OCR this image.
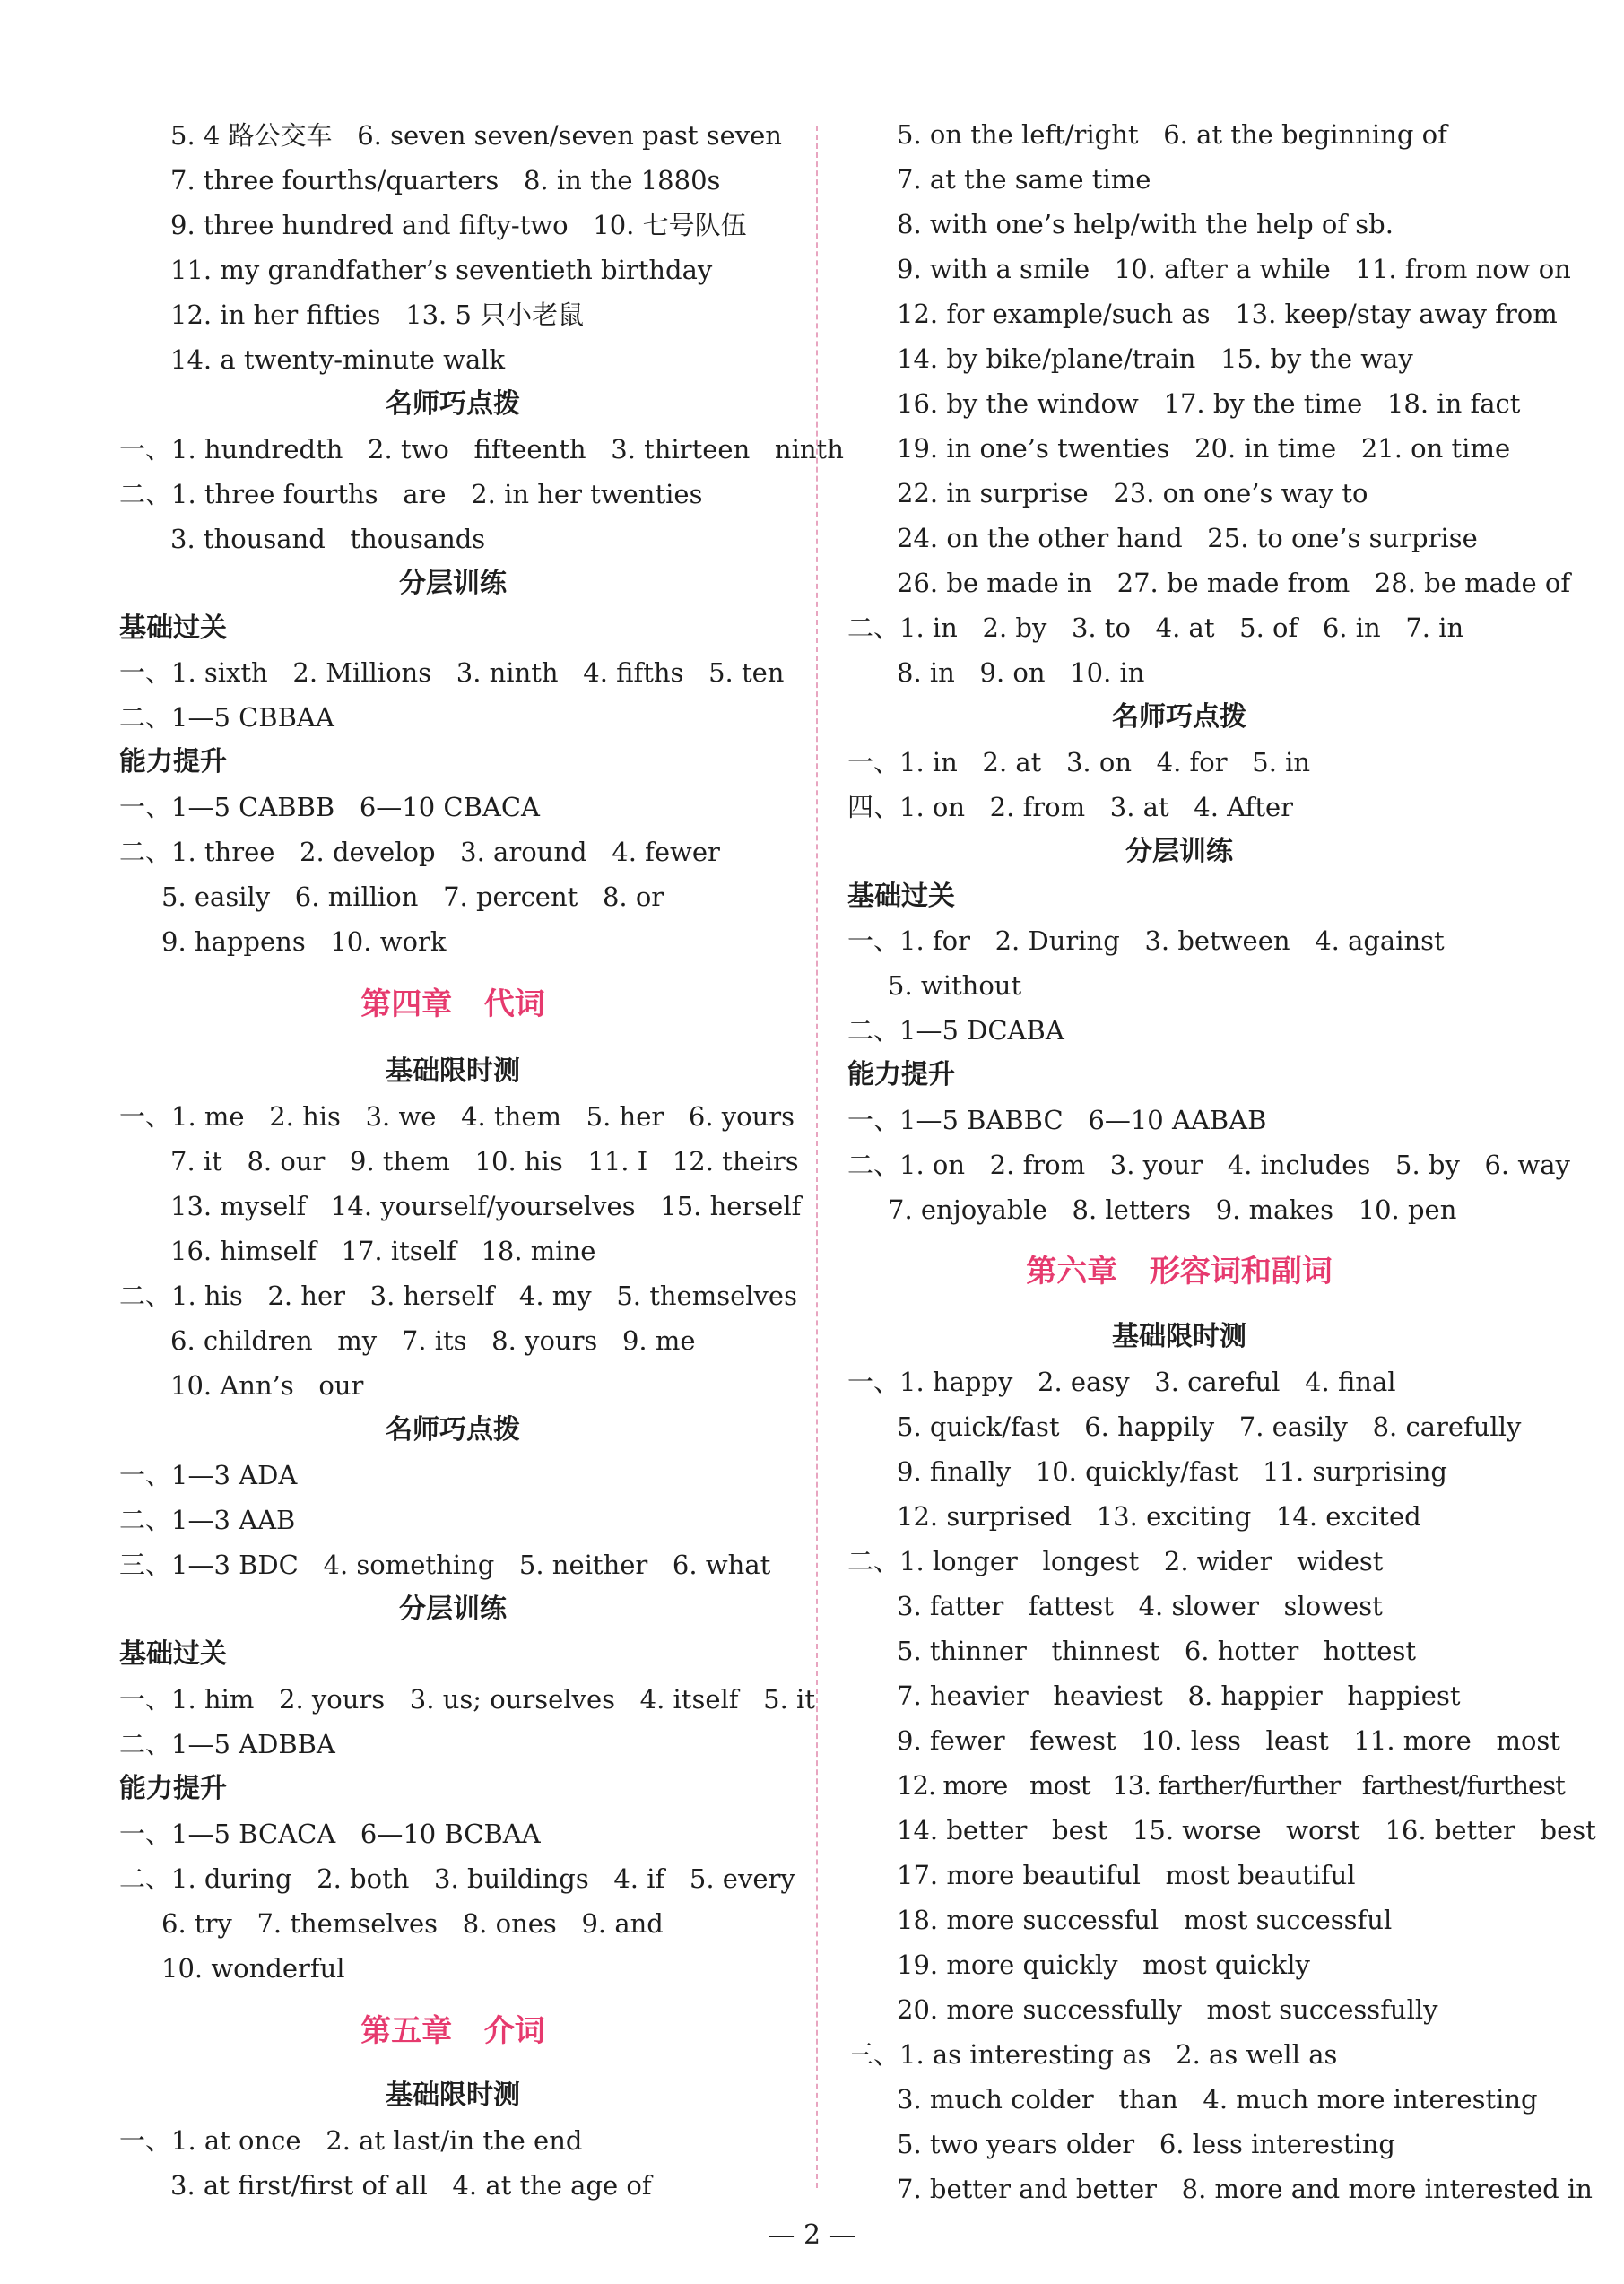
5. 4 路公交车   6. seven seven/seven past seven
7. three fourths/quarters   8. in the 1880s
9. three hundred and fifty-two   10. 七号队伍
11. my grandfather’s seventieth birthday
12. in her fifties   13. 5 只小老鼠
14. a twenty-minute walk
名师巧点拨
一、1. hundredth   2. two   fifteenth   3. thirteen   ninth
二、1. three fourths   are   2. in her twenties
3. thousand   thousands
分层训练
基础过关
一、1. sixth   2. Millions   3. ninth   4. fifths   5. ten
二、1—5 CBBAA
能力提升
一、1—5 CABBB   6—10 CBACA
二、1. three   2. develop   3. around   4. fewer
5. easily   6. million   7. percent   8. or
9. happens   10. work
第四章   代词
基础限时测
一、1. me   2. his   3. we   4. them   5. her   6. yours
7. it   8. our   9. them   10. his   11. I   12. theirs
13. myself   14. yourself/yourselves   15. herself
16. himself   17. itself   18. mine
二、1. his   2. her   3. herself   4. my   5. themselves
6. children   my   7. its   8. yours   9. me
10. Ann’s   our
名师巧点拨
一、1—3 ADA
二、1—3 AAB
三、1—3 BDC   4. something   5. neither   6. what
分层训练
基础过关
一、1. him   2. yours   3. us; ourselves   4. itself   5. it
二、1—5 ADBBA
能力提升
一、1—5 BCACA   6—10 BCBAA
二、1. during   2. both   3. buildings   4. if   5. every
6. try   7. themselves   8. ones   9. and
10. wonderful
第五章   介词
基础限时测
一、1. at once   2. at last/in the end
3. at first/first of all   4. at the age of
5. on the left/right   6. at the beginning of
7. at the same time
8. with one’s help/with the help of sb.
9. with a smile   10. after a while   11. from now on
12. for example/such as   13. keep/stay away from
14. by bike/plane/train   15. by the way
16. by the window   17. by the time   18. in fact
19. in one’s twenties   20. in time   21. on time
22. in surprise   23. on one’s way to
24. on the other hand   25. to one’s surprise
26. be made in   27. be made from   28. be made of
二、1. in   2. by   3. to   4. at   5. of   6. in   7. in
8. in   9. on   10. in
名师巧点拨
一、1. in   2. at   3. on   4. for   5. in
四、1. on   2. from   3. at   4. After
分层训练
基础过关
一、1. for   2. During   3. between   4. against
5. without
二、1—5 DCABA
能力提升
一、1—5 BABBC   6—10 AABAB
二、1. on   2. from   3. your   4. includes   5. by   6. way
7. enjoyable   8. letters   9. makes   10. pen
第六章   形容词和副词
基础限时测
一、1. happy   2. easy   3. careful   4. final
5. quick/fast   6. happily   7. easily   8. carefully
9. finally   10. quickly/fast   11. surprising
12. surprised   13. exciting   14. excited
二、1. longer   longest   2. wider   widest
3. fatter   fattest   4. slower   slowest
5. thinner   thinnest   6. hotter   hottest
7. heavier   heaviest   8. happier   happiest
9. fewer   fewest   10. less   least   11. more   most
12. more   most   13. farther/further   farthest/furthest
14. better   best   15. worse   worst   16. better   best
17. more beautiful   most beautiful
18. more successful   most successful
19. more quickly   most quickly
20. more successfully   most successfully
三、1. as interesting as   2. as well as
3. much colder   than   4. much more interesting
5. two years older   6. less interesting
7. better and better   8. more and more interested in
— 2 —
